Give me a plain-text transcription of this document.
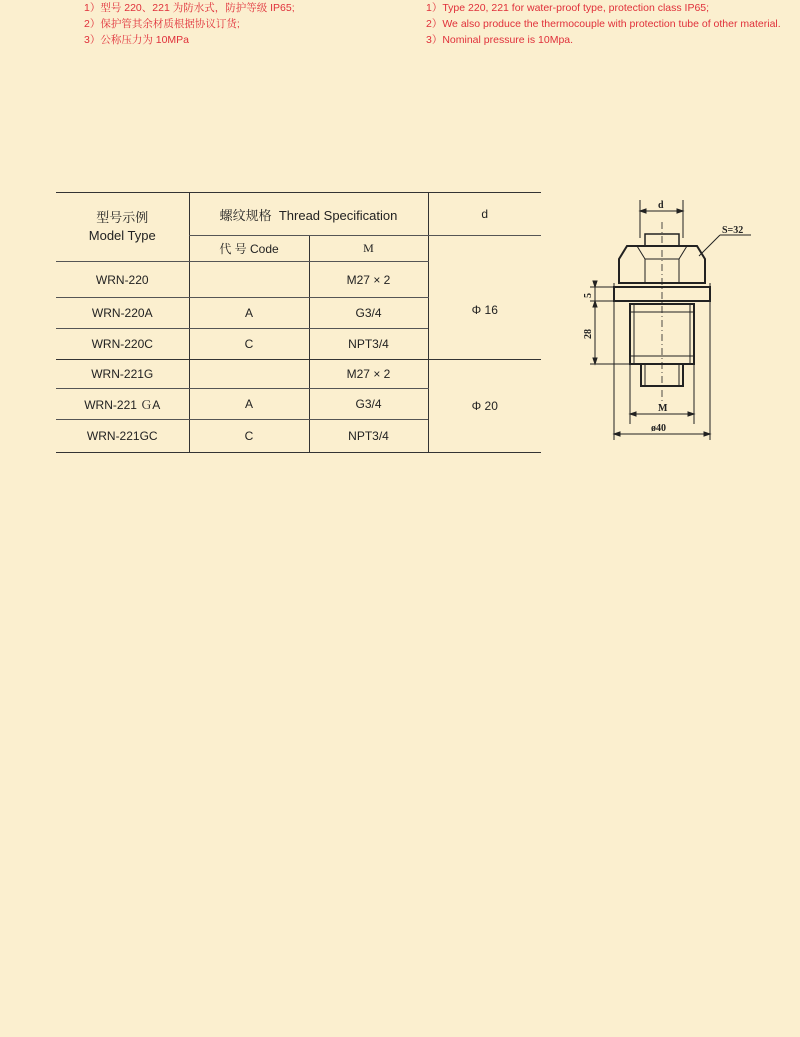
1）型号 220、221 为防水式，防护等级 IP65;
2）保护管其余材质根据协议订货;
3）公称压力为 10MPa
1）Type 220, 221 for water-proof type, protection class IP65;
2）We also produce the thermocouple with protection tube of other material.
3）Nominal pressure is 10Mpa.
型号示例
Model Type	螺纹规格  Thread Specification		d
	代 号 Code	M	
WRN-220		M27 × 2	Φ 16
WRN-220A	A	G3/4	
WRN-220C	C	NPT3/4	
WRN-221G		M27 × 2	Φ 20
WRN-221 ＧA	A	G3/4	
WRN-221GC	C	NPT3/4	
d
S=32
5
28
M
ø40
